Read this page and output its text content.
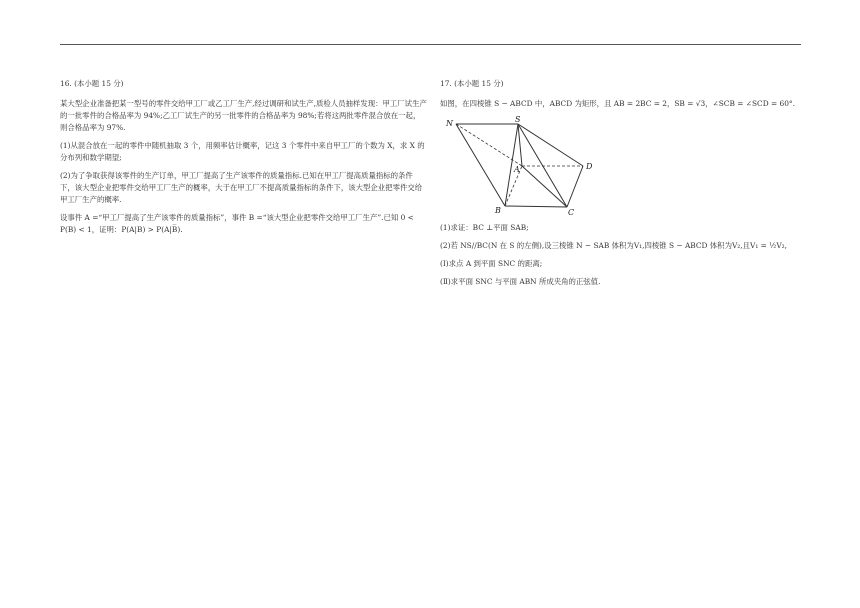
16. (本小题 15 分)

某大型企业准备把某一型号的零件交给甲工厂或乙工厂生产,经过调研和试生产,质检人员抽样发现：甲工厂试生产的一批零件的合格品率为 94%;乙工厂试生产的另一批零件的合格品率为 98%;若将这两批零件混合放在一起，则合格品率为 97%.

(1)从混合放在一起的零件中随机抽取 3 个，用频率估计概率，记这 3 个零件中来自甲工厂的个数为 X，求 X 的分布列和数学期望;

(2)为了争取获得该零件的生产订单，甲工厂提高了生产该零件的质量指标.已知在甲工厂提高质量指标的条件下，该大型企业把零件交给甲工厂生产的概率，大于在甲工厂不提高质量指标的条件下，该大型企业把零件交给甲工厂生产的概率.

设事件 A =“甲工厂提高了生产该零件的质量指标”，事件 B =“该大型企业把零件交给甲工厂生产”.已知 0 < P(B) < 1，证明：P(A|B) > P(A|B̅).

17. (本小题 15 分)

如图，在四棱锥 S − ABCD 中，ABCD 为矩形，且 AB = 2BC = 2，SB = √3，∠SCB = ∠SCD = 60°.

N	S
A	D
B	C

(1)求证：BC ⊥平面 SAB;

(2)若 NS//BC(N 在 S 的左侧),设三棱锥 N − SAB 体积为V₁,四棱锥 S − ABCD 体积为V₂,且V₁ = ½V₂,

(Ⅰ)求点 A 到平面 SNC 的距离;

(Ⅱ)求平面 SNC 与平面 ABN 所成夹角的正弦值.
